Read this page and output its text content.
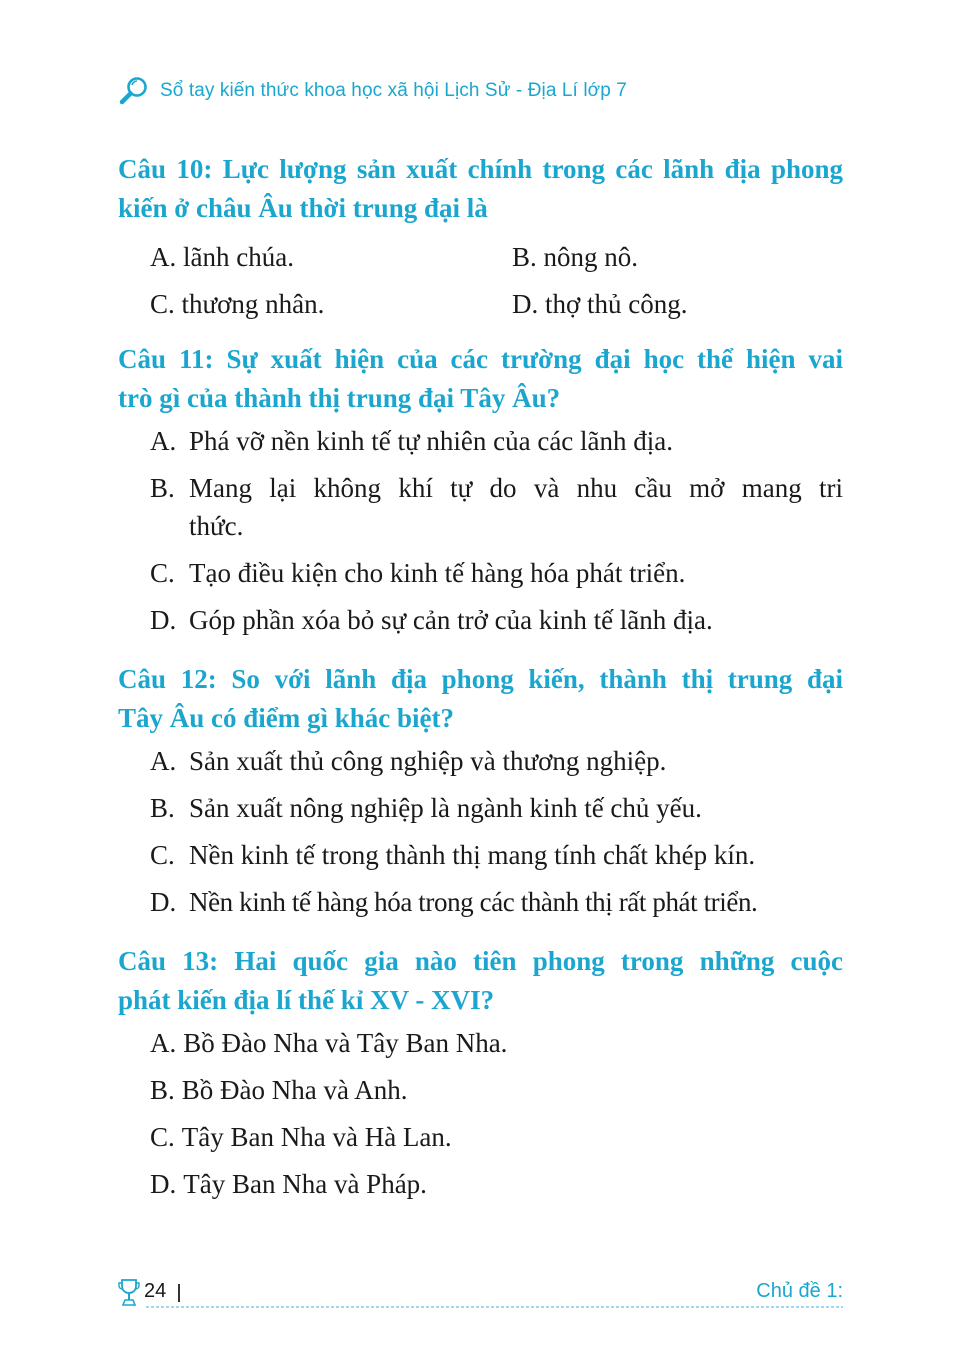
Sổ tay kiến thức khoa học xã hội Lịch Sử - Địa Lí lớp 7

Câu 10: Lực lượng sản xuất chính trong các lãnh địa phong
kiến ở châu Âu thời trung đại là

A. lãnh chúa.	B. nông nô.
C. thương nhân.	D. thợ thủ công.

Câu 11: Sự xuất hiện của các trường đại học thể hiện vai
trò gì của thành thị trung đại Tây Âu?

A. Phá vỡ nền kinh tế tự nhiên của các lãnh địa.
B. Mang lại không khí tự do và nhu cầu mở mang tri
thức.
C. Tạo điều kiện cho kinh tế hàng hóa phát triển.
D. Góp phần xóa bỏ sự cản trở của kinh tế lãnh địa.

Câu 12: So với lãnh địa phong kiến, thành thị trung đại
Tây Âu có điểm gì khác biệt?

A. Sản xuất thủ công nghiệp và thương nghiệp.
B. Sản xuất nông nghiệp là ngành kinh tế chủ yếu.
C. Nền kinh tế trong thành thị mang tính chất khép kín.
D. Nền kinh tế hàng hóa trong các thành thị rất phát triển.

Câu 13: Hai quốc gia nào tiên phong trong những cuộc
phát kiến địa lí thế kỉ XV - XVI?

A. Bồ Đào Nha và Tây Ban Nha.
B. Bồ Đào Nha và Anh.
C. Tây Ban Nha và Hà Lan.
D. Tây Ban Nha và Pháp.
24	Chủ đề 1:
